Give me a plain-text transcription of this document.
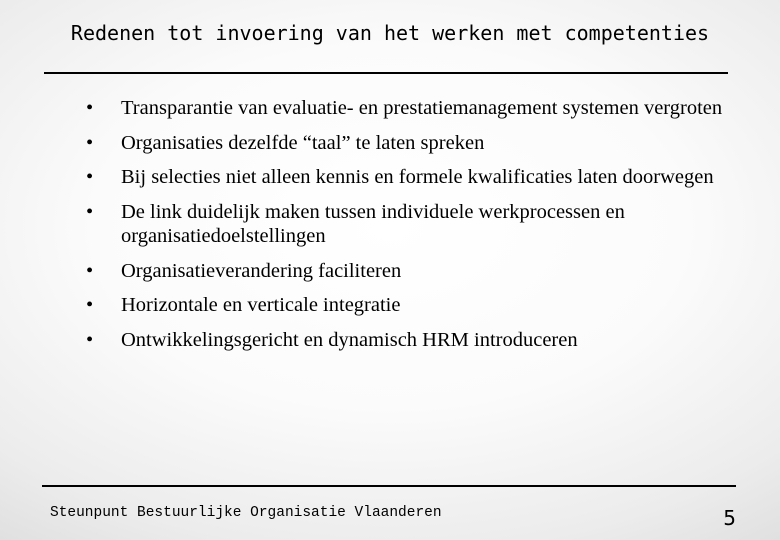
Redenen tot invoering van het werken met competenties
• Transparantie van evaluatie- en prestatiemanagement systemen vergroten
• Organisaties dezelfde “taal” te laten spreken
• Bij selecties niet alleen kennis en formele kwalificaties laten doorwegen
• De link duidelijk maken tussen individuele werkprocessen en organisatiedoelstellingen
• Organisatieverandering faciliteren
• Horizontale en verticale integratie
• Ontwikkelingsgericht en dynamisch HRM introduceren
Steunpunt Bestuurlijke Organisatie Vlaanderen	5
